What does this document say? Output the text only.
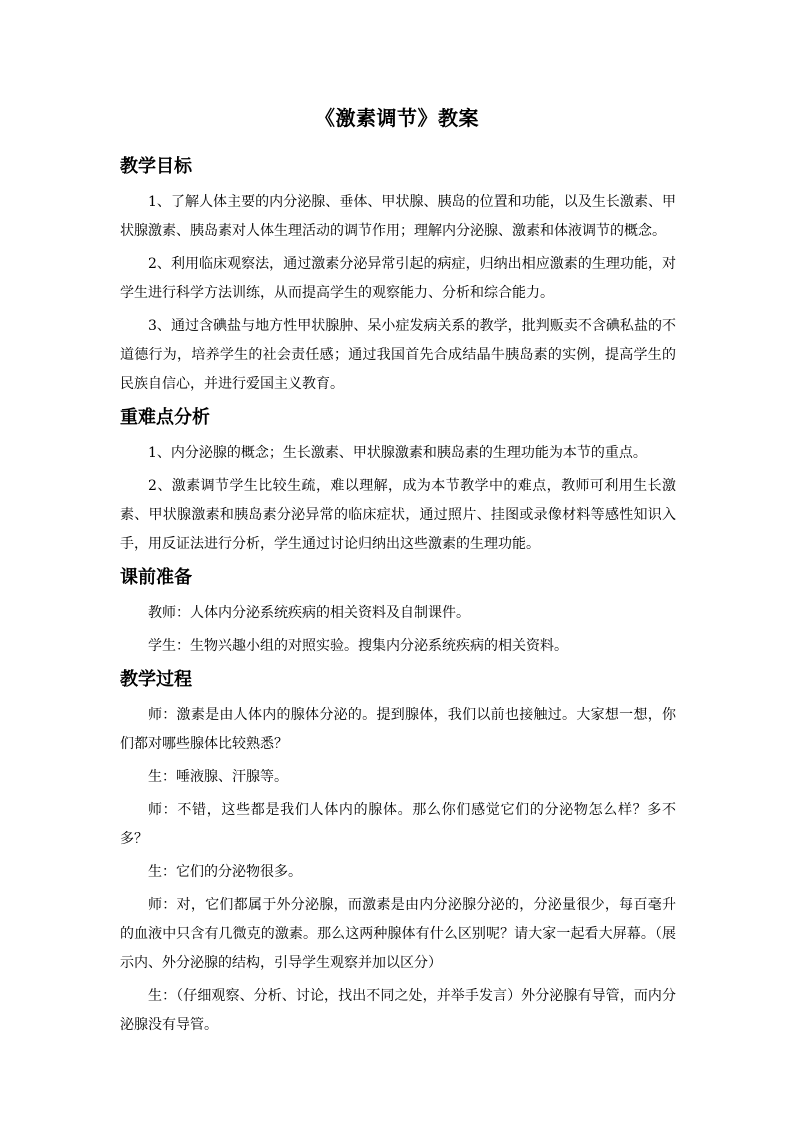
《激素调节》教案
教学目标

1、了解人体主要的内分泌腺、垂体、甲状腺、胰岛的位置和功能，以及生长激素、甲状腺激素、胰岛素对人体生理活动的调节作用；理解内分泌腺、激素和体液调节的概念。

2、利用临床观察法，通过激素分泌异常引起的病症，归纳出相应激素的生理功能，对学生进行科学方法训练，从而提高学生的观察能力、分析和综合能力。

3、通过含碘盐与地方性甲状腺肿、呆小症发病关系的教学，批判贩卖不含碘私盐的不道德行为，培养学生的社会责任感；通过我国首先合成结晶牛胰岛素的实例，提高学生的民族自信心，并进行爱国主义教育。

重难点分析

1、内分泌腺的概念；生长激素、甲状腺激素和胰岛素的生理功能为本节的重点。

2、激素调节学生比较生疏，难以理解，成为本节教学中的难点，教师可利用生长激素、甲状腺激素和胰岛素分泌异常的临床症状，通过照片、挂图或录像材料等感性知识入手，用反证法进行分析，学生通过讨论归纳出这些激素的生理功能。

课前准备

教师：人体内分泌系统疾病的相关资料及自制课件。

学生：生物兴趣小组的对照实验。搜集内分泌系统疾病的相关资料。

教学过程

师：激素是由人体内的腺体分泌的。提到腺体，我们以前也接触过。大家想一想，你们都对哪些腺体比较熟悉？

生：唾液腺、汗腺等。

师：不错，这些都是我们人体内的腺体。那么你们感觉它们的分泌物怎么样？多不多？

生：它们的分泌物很多。

师：对，它们都属于外分泌腺，而激素是由内分泌腺分泌的，分泌量很少，每百毫升的血液中只含有几微克的激素。那么这两种腺体有什么区别呢？请大家一起看大屏幕。（展示内、外分泌腺的结构，引导学生观察并加以区分）

生：（仔细观察、分析、讨论，找出不同之处，并举手发言）外分泌腺有导管，而内分泌腺没有导管。
